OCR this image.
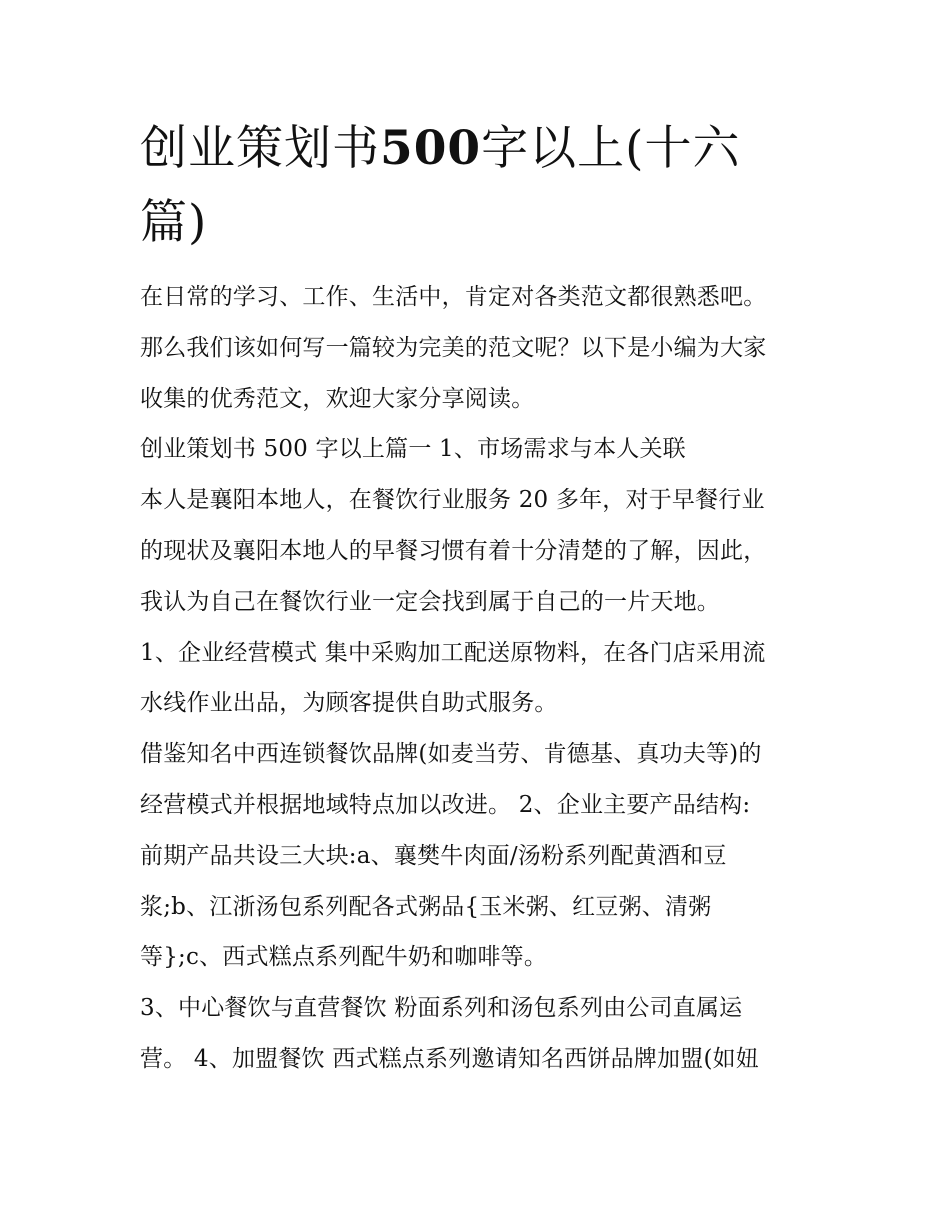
创业策划书500字以上(十六
篇)
在日常的学习、工作、生活中，肯定对各类范文都很熟悉吧。
那么我们该如何写一篇较为完美的范文呢？以下是小编为大家
收集的优秀范文，欢迎大家分享阅读。
创业策划书 500 字以上篇一 1、市场需求与本人关联
本人是襄阳本地人，在餐饮行业服务 20 多年，对于早餐行业
的现状及襄阳本地人的早餐习惯有着十分清楚的了解，因此，
我认为自己在餐饮行业一定会找到属于自己的一片天地。
1、企业经营模式 集中采购加工配送原物料，在各门店采用流
水线作业出品，为顾客提供自助式服务。
借鉴知名中西连锁餐饮品牌(如麦当劳、肯德基、真功夫等)的
经营模式并根据地域特点加以改进。 2、企业主要产品结构:
前期产品共设三大块:a、襄樊牛肉面/汤粉系列配黄酒和豆
浆;b、江浙汤包系列配各式粥品{玉米粥、红豆粥、清粥
等};c、西式糕点系列配牛奶和咖啡等。
3、中心餐饮与直营餐饮 粉面系列和汤包系列由公司直属运
营。 4、加盟餐饮 西式糕点系列邀请知名西饼品牌加盟(如妞
